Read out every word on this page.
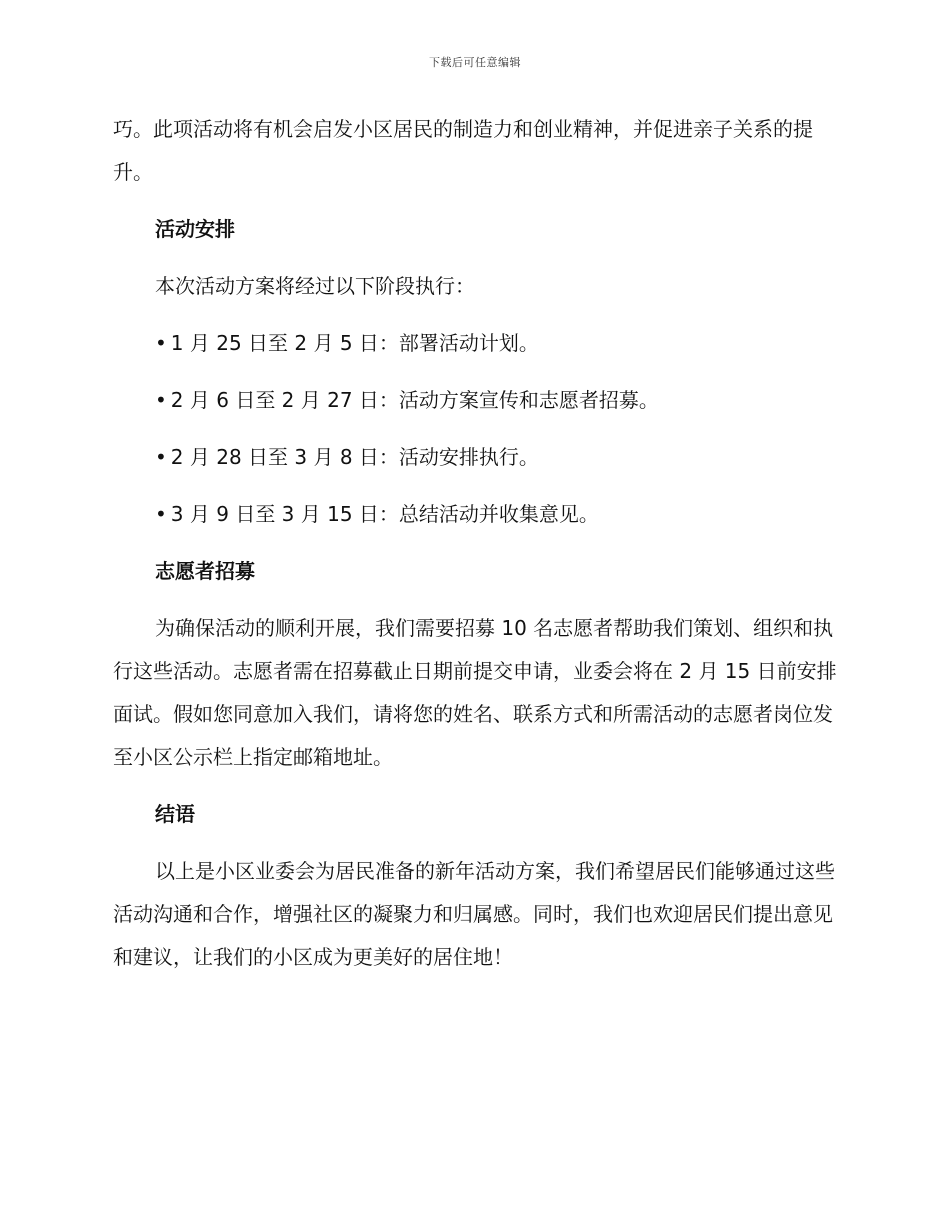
下载后可任意编辑

巧。此项活动将有机会启发小区居民的制造力和创业精神，并促进亲子关系的提升。

活动安排

本次活动方案将经过以下阶段执行：

• 1 月 25 日至 2 月 5 日：部署活动计划。

• 2 月 6 日至 2 月 27 日：活动方案宣传和志愿者招募。

• 2 月 28 日至 3 月 8 日：活动安排执行。

• 3 月 9 日至 3 月 15 日：总结活动并收集意见。

志愿者招募

为确保活动的顺利开展，我们需要招募 10 名志愿者帮助我们策划、组织和执行这些活动。志愿者需在招募截止日期前提交申请，业委会将在 2 月 15 日前安排面试。假如您同意加入我们，请将您的姓名、联系方式和所需活动的志愿者岗位发至小区公示栏上指定邮箱地址。

结语

以上是小区业委会为居民准备的新年活动方案，我们希望居民们能够通过这些活动沟通和合作，增强社区的凝聚力和归属感。同时，我们也欢迎居民们提出意见和建议，让我们的小区成为更美好的居住地！
